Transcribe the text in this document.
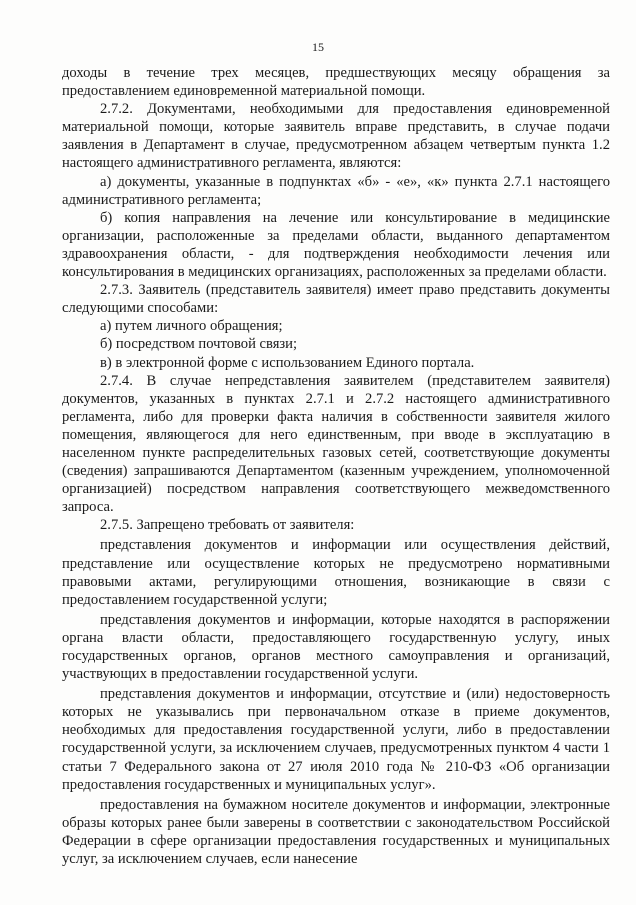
15

доходы в течение трех месяцев, предшествующих месяцу обращения за предоставлением единовременной материальной помощи.

2.7.2. Документами, необходимыми для предоставления единовременной материальной помощи, которые заявитель вправе представить, в случае подачи заявления в Департамент в случае, предусмотренном абзацем четвертым пункта 1.2 настоящего административного регламента, являются:

а) документы, указанные в подпунктах «б» - «е», «к» пункта 2.7.1 настоящего административного регламента;

б) копия направления на лечение или консультирование в медицинские организации, расположенные за пределами области, выданного департаментом здравоохранения области, - для подтверждения необходимости лечения или консультирования в медицинских организациях, расположенных за пределами области.

2.7.3. Заявитель (представитель заявителя) имеет право представить документы следующими способами:

а) путем личного обращения;

б) посредством почтовой связи;

в) в электронной форме с использованием Единого портала.

2.7.4. В случае непредставления заявителем (представителем заявителя) документов, указанных в пунктах 2.7.1 и 2.7.2 настоящего административного регламента, либо для проверки факта наличия в собственности заявителя жилого помещения, являющегося для него единственным, при вводе в эксплуатацию в населенном пункте распределительных газовых сетей, соответствующие документы (сведения) запрашиваются Департаментом (казенным учреждением, уполномоченной организацией) посредством направления соответствующего межведомственного запроса.

2.7.5. Запрещено требовать от заявителя:

представления документов и информации или осуществления действий, представление или осуществление которых не предусмотрено нормативными правовыми актами, регулирующими отношения, возникающие в связи с предоставлением государственной услуги;

представления документов и информации, которые находятся в распоряжении органа власти области, предоставляющего государственную услугу, иных государственных органов, органов местного самоуправления и организаций, участвующих в предоставлении государственной услуги.

представления документов и информации, отсутствие и (или) недостоверность которых не указывались при первоначальном отказе в приеме документов, необходимых для предоставления государственной услуги, либо в предоставлении государственной услуги, за исключением случаев, предусмотренных пунктом 4 части 1 статьи 7 Федерального закона от 27 июля 2010 года № 210-ФЗ «Об организации предоставления государственных и муниципальных услуг».

предоставления на бумажном носителе документов и информации, электронные образы которых ранее были заверены в соответствии с законодательством Российской Федерации в сфере организации предоставления государственных и муниципальных услуг, за исключением случаев, если нанесение
